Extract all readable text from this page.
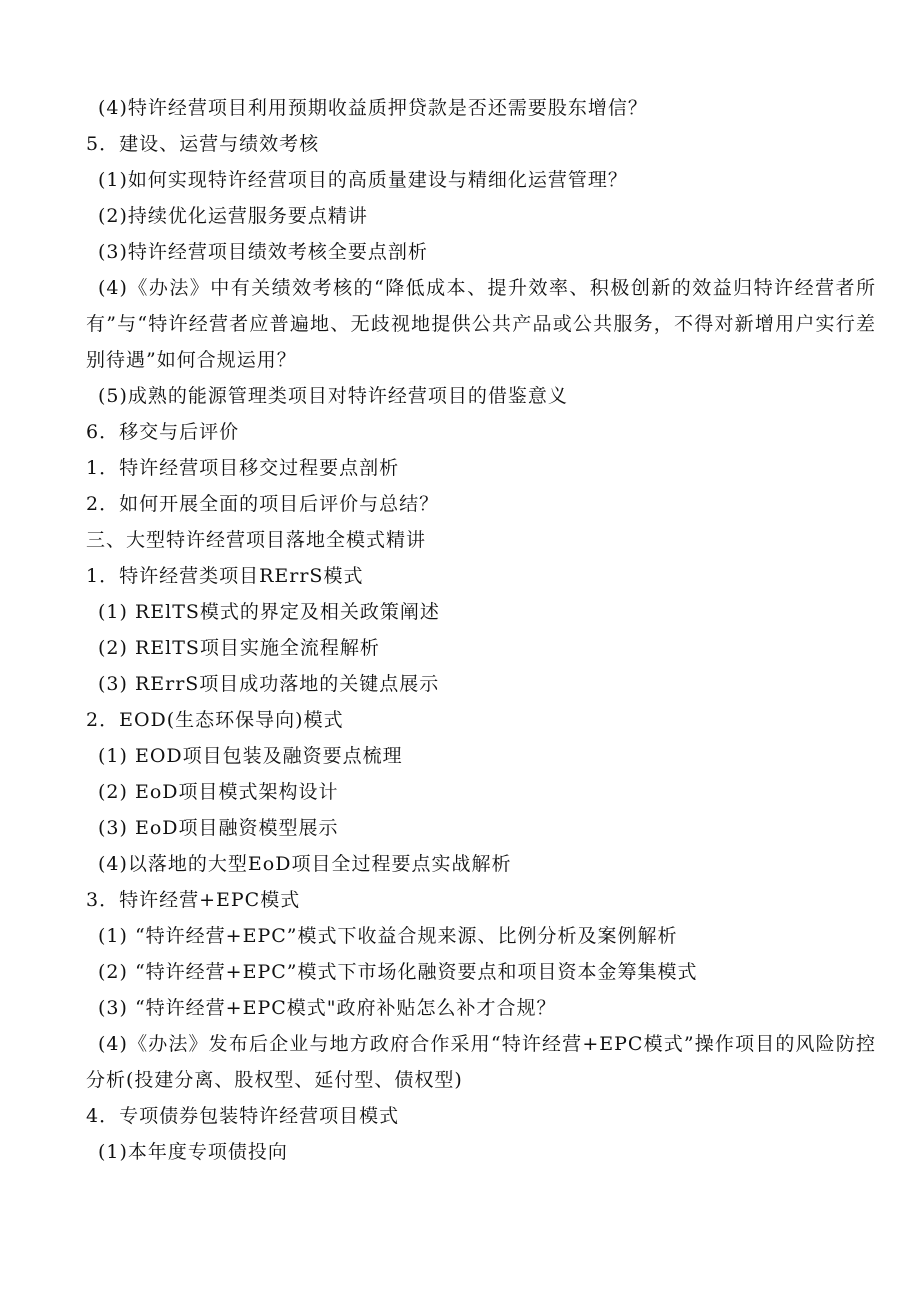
(4)特许经营项目利用预期收益质押贷款是否还需要股东增信？

5．建设、运营与绩效考核

(1)如何实现特许经营项目的高质量建设与精细化运营管理？

(2)持续优化运营服务要点精讲

(3)特许经营项目绩效考核全要点剖析

(4)《办法》中有关绩效考核的“降低成本、提升效率、积极创新的效益归特许经营者所有”与“特许经营者应普遍地、无歧视地提供公共产品或公共服务，不得对新增用户实行差别待遇”如何合规运用？

(5)成熟的能源管理类项目对特许经营项目的借鉴意义

6．移交与后评价

1．特许经营项目移交过程要点剖析

2．如何开展全面的项目后评价与总结？

三、大型特许经营项目落地全模式精讲

1．特许经营类项目RErrS模式

(1) RElTS模式的界定及相关政策阐述

(2) RElTS项目实施全流程解析

(3) RErrS项目成功落地的关键点展示

2．EOD(生态环保导向)模式

(1) EOD项目包装及融资要点梳理

(2) EoD项目模式架构设计

(3) EoD项目融资模型展示

(4)以落地的大型EoD项目全过程要点实战解析

3．特许经营+EPC模式

(1) “特许经营+EPC”模式下收益合规来源、比例分析及案例解析

(2) “特许经营+EPC”模式下市场化融资要点和项目资本金筹集模式

(3) “特许经营+EPC模式"政府补贴怎么补才合规？

(4)《办法》发布后企业与地方政府合作采用“特许经营+EPC模式”操作项目的风险防控分析(投建分离、股权型、延付型、债权型)

4．专项债券包装特许经营项目模式

(1)本年度专项债投向
